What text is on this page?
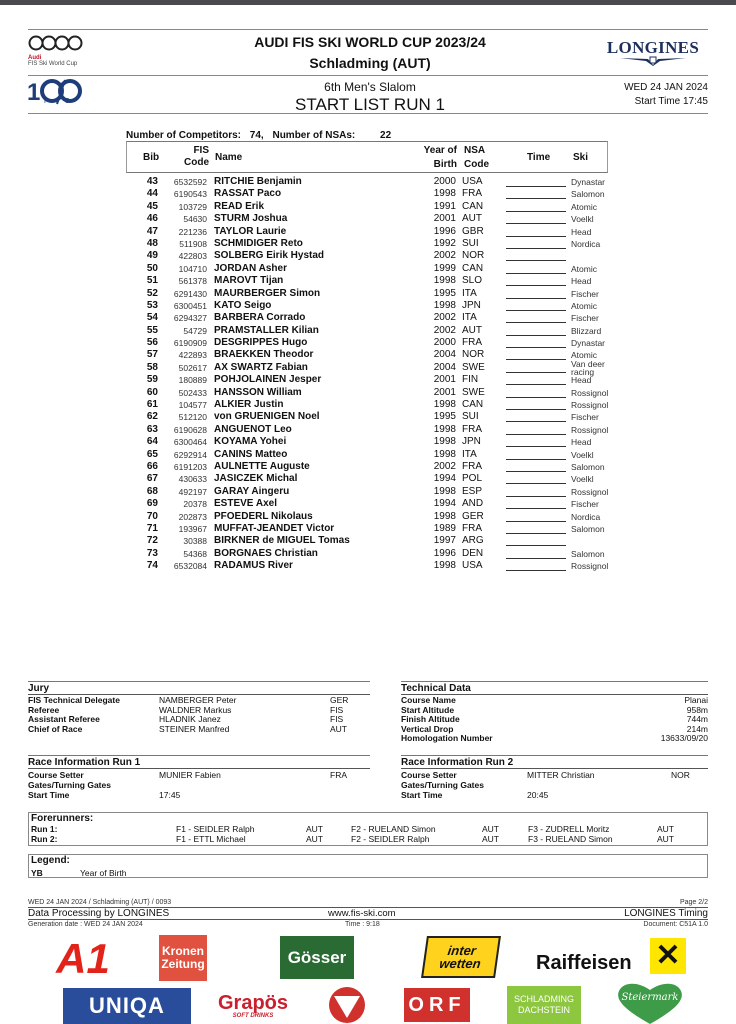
Audi
FIS Ski World Cup
1 F S
AUDI FIS SKI WORLD CUP 2023/24
Schladming (AUT)
6th Men's Slalom
START LIST RUN 1
LONGINES
WED 24 JAN 2024
Start Time 17:45
Number of Competitors: 74, Number of NSAs: 22
Bib
FIS
Code Name
Year of
Birth
NSA
Code
Time Ski
43	6532592 RITCHIE Benjamin	2000 USA	Dynastar
44	6190543 RASSAT Paco	1998 FRA	Salomon
45	103729 READ Erik	1991 CAN	Atomic
46	54630 STURM Joshua	2001 AUT	Voelkl
47	221236 TAYLOR Laurie	1996 GBR	Head
48	511908 SCHMIDIGER Reto	1992 SUI	Nordica
49	422803 SOLBERG Eirik Hystad	2002 NOR
50	104710 JORDAN Asher	1999 CAN	Atomic
51	561378 MAROVT Tijan	1998 SLO	Head
52	6291430 MAURBERGER Simon	1995 ITA	Fischer
53	6300451 KATO Seigo	1998 JPN	Atomic
54	6294327 BARBERA Corrado	2002 ITA	Fischer
55	54729 PRAMSTALLER Kilian	2002 AUT	Blizzard
56	6190909 DESGRIPPES Hugo	2000 FRA	Dynastar
57	422893 BRAEKKEN Theodor	2004 NOR	Atomic
58	502617 AX SWARTZ Fabian	2004 SWE	Van deer racing
59	180889 POHJOLAINEN Jesper	2001 FIN	Head
60	502433 HANSSON William	2001 SWE	Rossignol
61	104577 ALKIER Justin	1998 CAN	Rossignol
62	512120 von GRUENIGEN Noel	1995 SUI	Fischer
63	6190628 ANGUENOT Leo	1998 FRA	Rossignol
64	6300464 KOYAMA Yohei	1998 JPN	Head
65	6292914 CANINS Matteo	1998 ITA	Voelkl
66	6191203 AULNETTE Auguste	2002 FRA	Salomon
67	430633 JASICZEK Michal	1994 POL	Voelkl
68	492197 GARAY Aingeru	1998 ESP	Rossignol
69	20378 ESTEVE Axel	1994 AND	Fischer
70	202873 PFOEDERL Nikolaus	1998 GER	Nordica
71	193967 MUFFAT-JEANDET Victor	1989 FRA	Salomon
72	30388 BIRKNER de MIGUEL Tomas	1997 ARG
73	54368 BORGNAES Christian	1996 DEN	Salomon
74	6532084 RADAMUS River	1998 USA	Rossignol
Jury
FIS Technical Delegate	NAMBERGER Peter	GER
Referee	WALDNER Markus	FIS
Assistant Referee	HLADNIK Janez	FIS
Chief of Race	STEINER Manfred	AUT
Technical Data
Course Name	Planai
Start Altitude	958m
Finish Altitude	744m
Vertical Drop	214m
Homologation Number	13633/09/20
Race Information Run 1
Course Setter	MUNIER Fabien	FRA
Gates/Turning Gates
Start Time	17:45
Race Information Run 2
Course Setter	MITTER Christian	NOR
Gates/Turning Gates
Start Time	20:45
Forerunners:
Run 1:	F1 - SEIDLER Ralph	AUT	F2 - RUELAND Simon	AUT	F3 - ZUDRELL Moritz	AUT
Run 2:	F1 - ETTL Michael	AUT	F2 - SEIDLER Ralph	AUT	F3 - RUELAND Simon	AUT
Legend:
YB	Year of Birth
WED 24 JAN 2024 / Schladming (AUT) / 0093	Page 2/2
Data Processing by LONGINES	www.fis-ski.com	LONGINES Timing
Generation date : WED 24 JAN 2024	Time : 9:18	Document: C51A 1.0
A1	Kronen
Zeitung	Gösser	inter
wetten	Raiffeisen ✕
UNIQA	Grapös
SOFT DRINKS
ORF	SCHLADMING
DACHSTEIN
Steiermark
